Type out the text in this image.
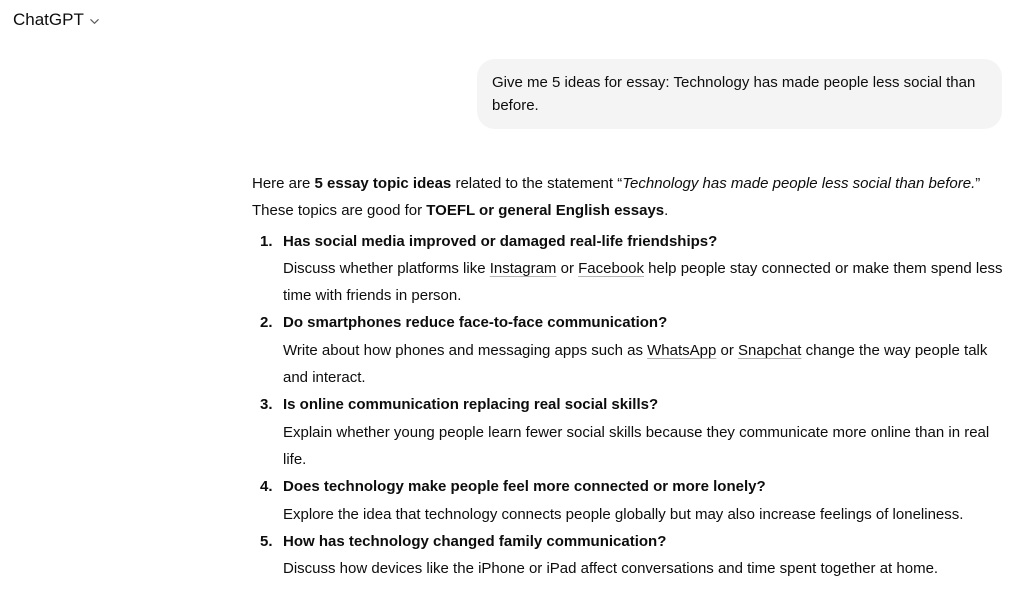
ChatGPT
Give me 5 ideas for essay: Technology has made people less social than before.

Here are 5 essay topic ideas related to the statement “Technology has made people less social than before.”

These topics are good for TOEFL or general English essays.

1. Has social media improved or damaged real-life friendships?
Discuss whether platforms like Instagram or Facebook help people stay connected or make them spend less time with friends in person.
2. Do smartphones reduce face-to-face communication?
Write about how phones and messaging apps such as WhatsApp or Snapchat change the way people talk and interact.
3. Is online communication replacing real social skills?
Explain whether young people learn fewer social skills because they communicate more online than in real life.
4. Does technology make people feel more connected or more lonely?
Explore the idea that technology connects people globally but may also increase feelings of loneliness.
5. How has technology changed family communication?
Discuss how devices like the iPhone or iPad affect conversations and time spent together at home.
